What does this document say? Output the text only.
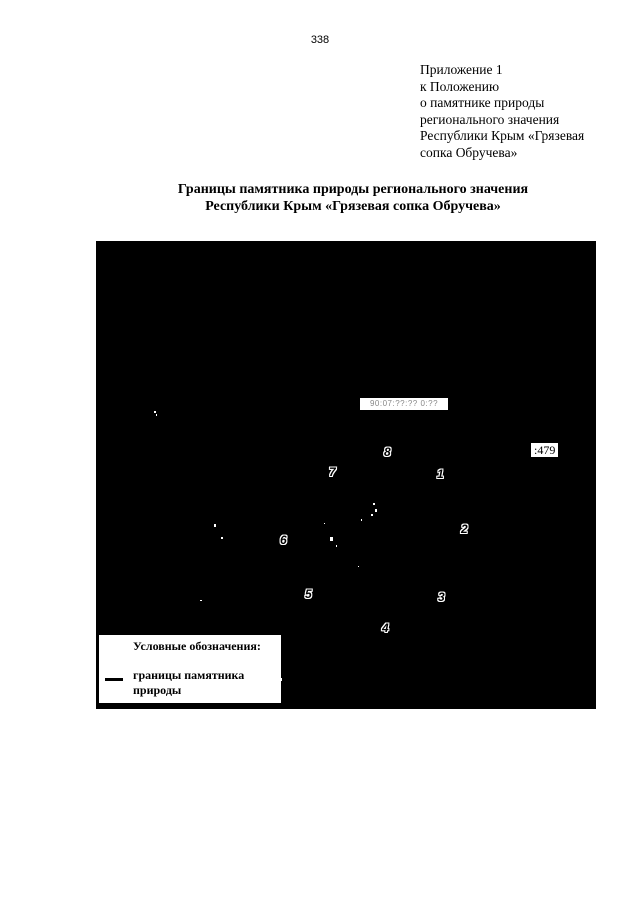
338
Приложение 1
к Положению
о памятнике природы
регионального значения
Республики Крым «Грязевая
сопка Обручева»
Границы памятника природы регионального значения
Республики Крым «Грязевая сопка Обручева»
90:07:??:?? 0:??
:479
1
2
3
4
5
6
7
8
Условные обозначения:
границы памятника
природы
